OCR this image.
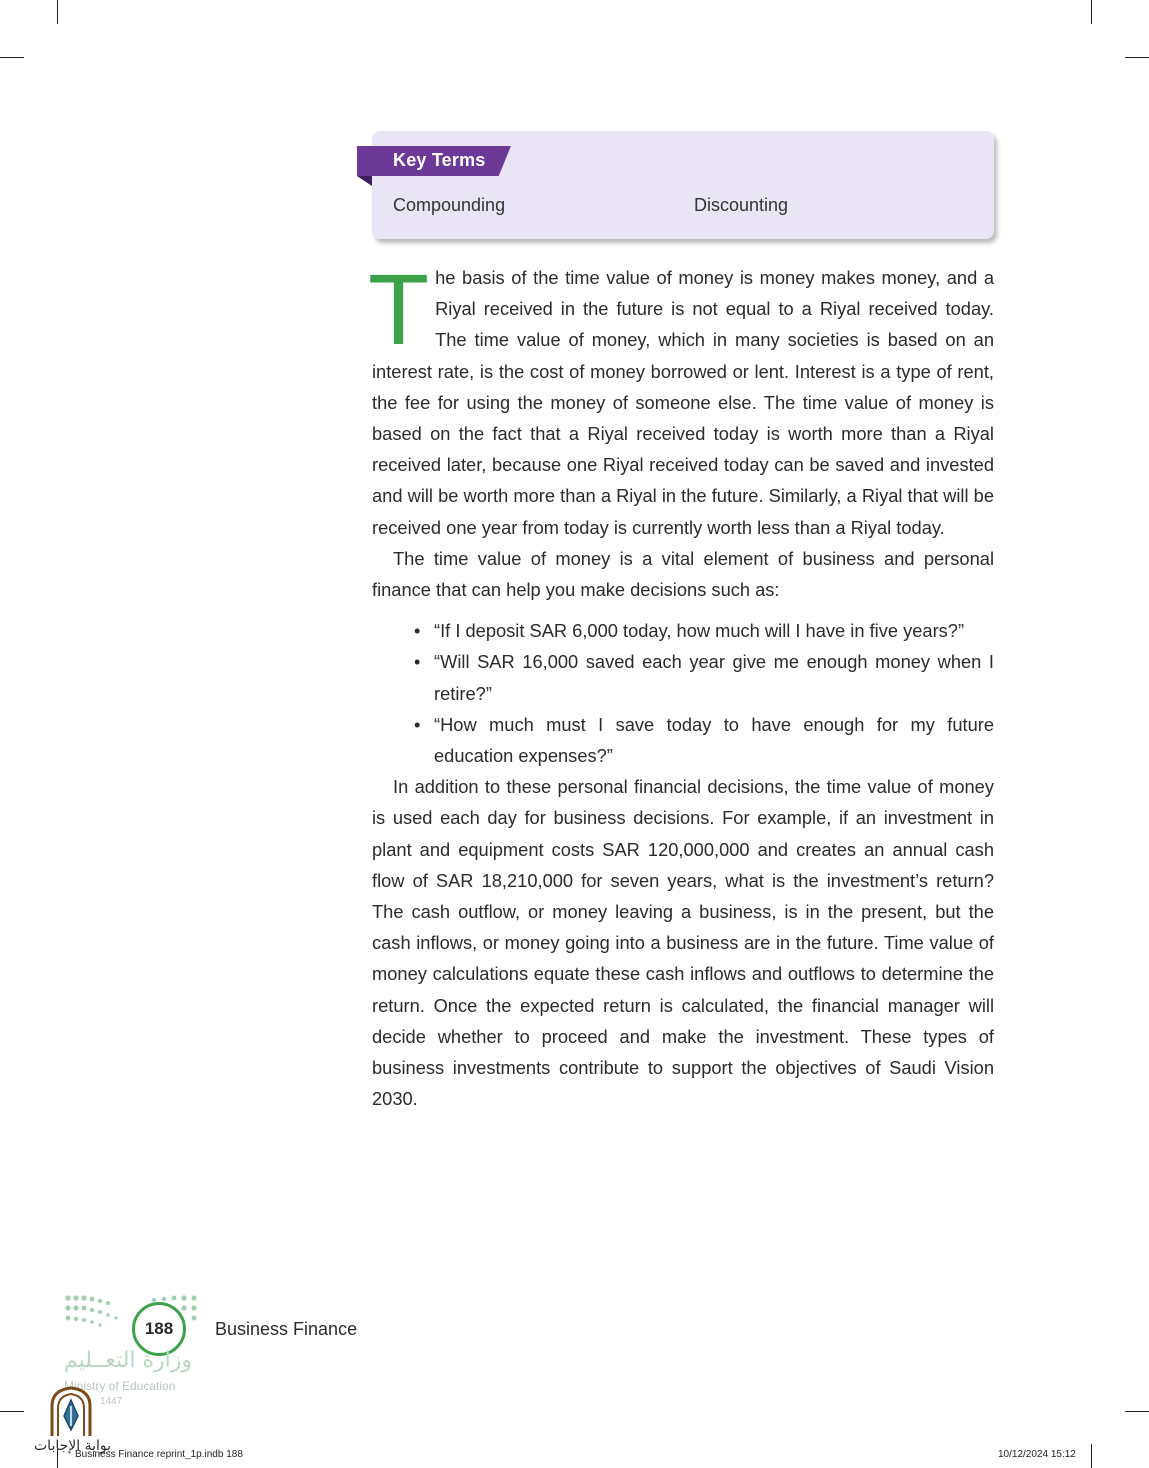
Key Terms
Compounding	Discounting

The basis of the time value of money is money makes money, and a Riyal received in the future is not equal to a Riyal received today. The time value of money, which in many societies is based on an interest rate, is the cost of money borrowed or lent. Interest is a type of rent, the fee for using the money of someone else. The time value of money is based on the fact that a Riyal received today is worth more than a Riyal received later, because one Riyal received today can be saved and invested and will be worth more than a Riyal in the future. Similarly, a Riyal that will be received one year from today is currently worth less than a Riyal today.

The time value of money is a vital element of business and personal finance that can help you make decisions such as:

• “If I deposit SAR 6,000 today, how much will I have in five years?”
• “Will SAR 16,000 saved each year give me enough money when I retire?”
• “How much must I save today to have enough for my future education expenses?”

In addition to these personal financial decisions, the time value of money is used each day for business decisions. For example, if an investment in plant and equipment costs SAR 120,000,000 and creates an annual cash flow of SAR 18,210,000 for seven years, what is the investment’s return? The cash outflow, or money leaving a business, is in the present, but the cash inflows, or money going into a business are in the future. Time value of money calculations equate these cash inflows and outflows to determine the return. Once the expected return is calculated, the financial manager will decide whether to proceed and make the investment. These types of business investments contribute to support the objectives of Saudi Vision 2030.

188	Business Finance
وزارة التعــليم
Ministry of Education
1447
بوابة الإجابات
Business Finance reprint_1p.indb 188	10/12/2024 15:12
